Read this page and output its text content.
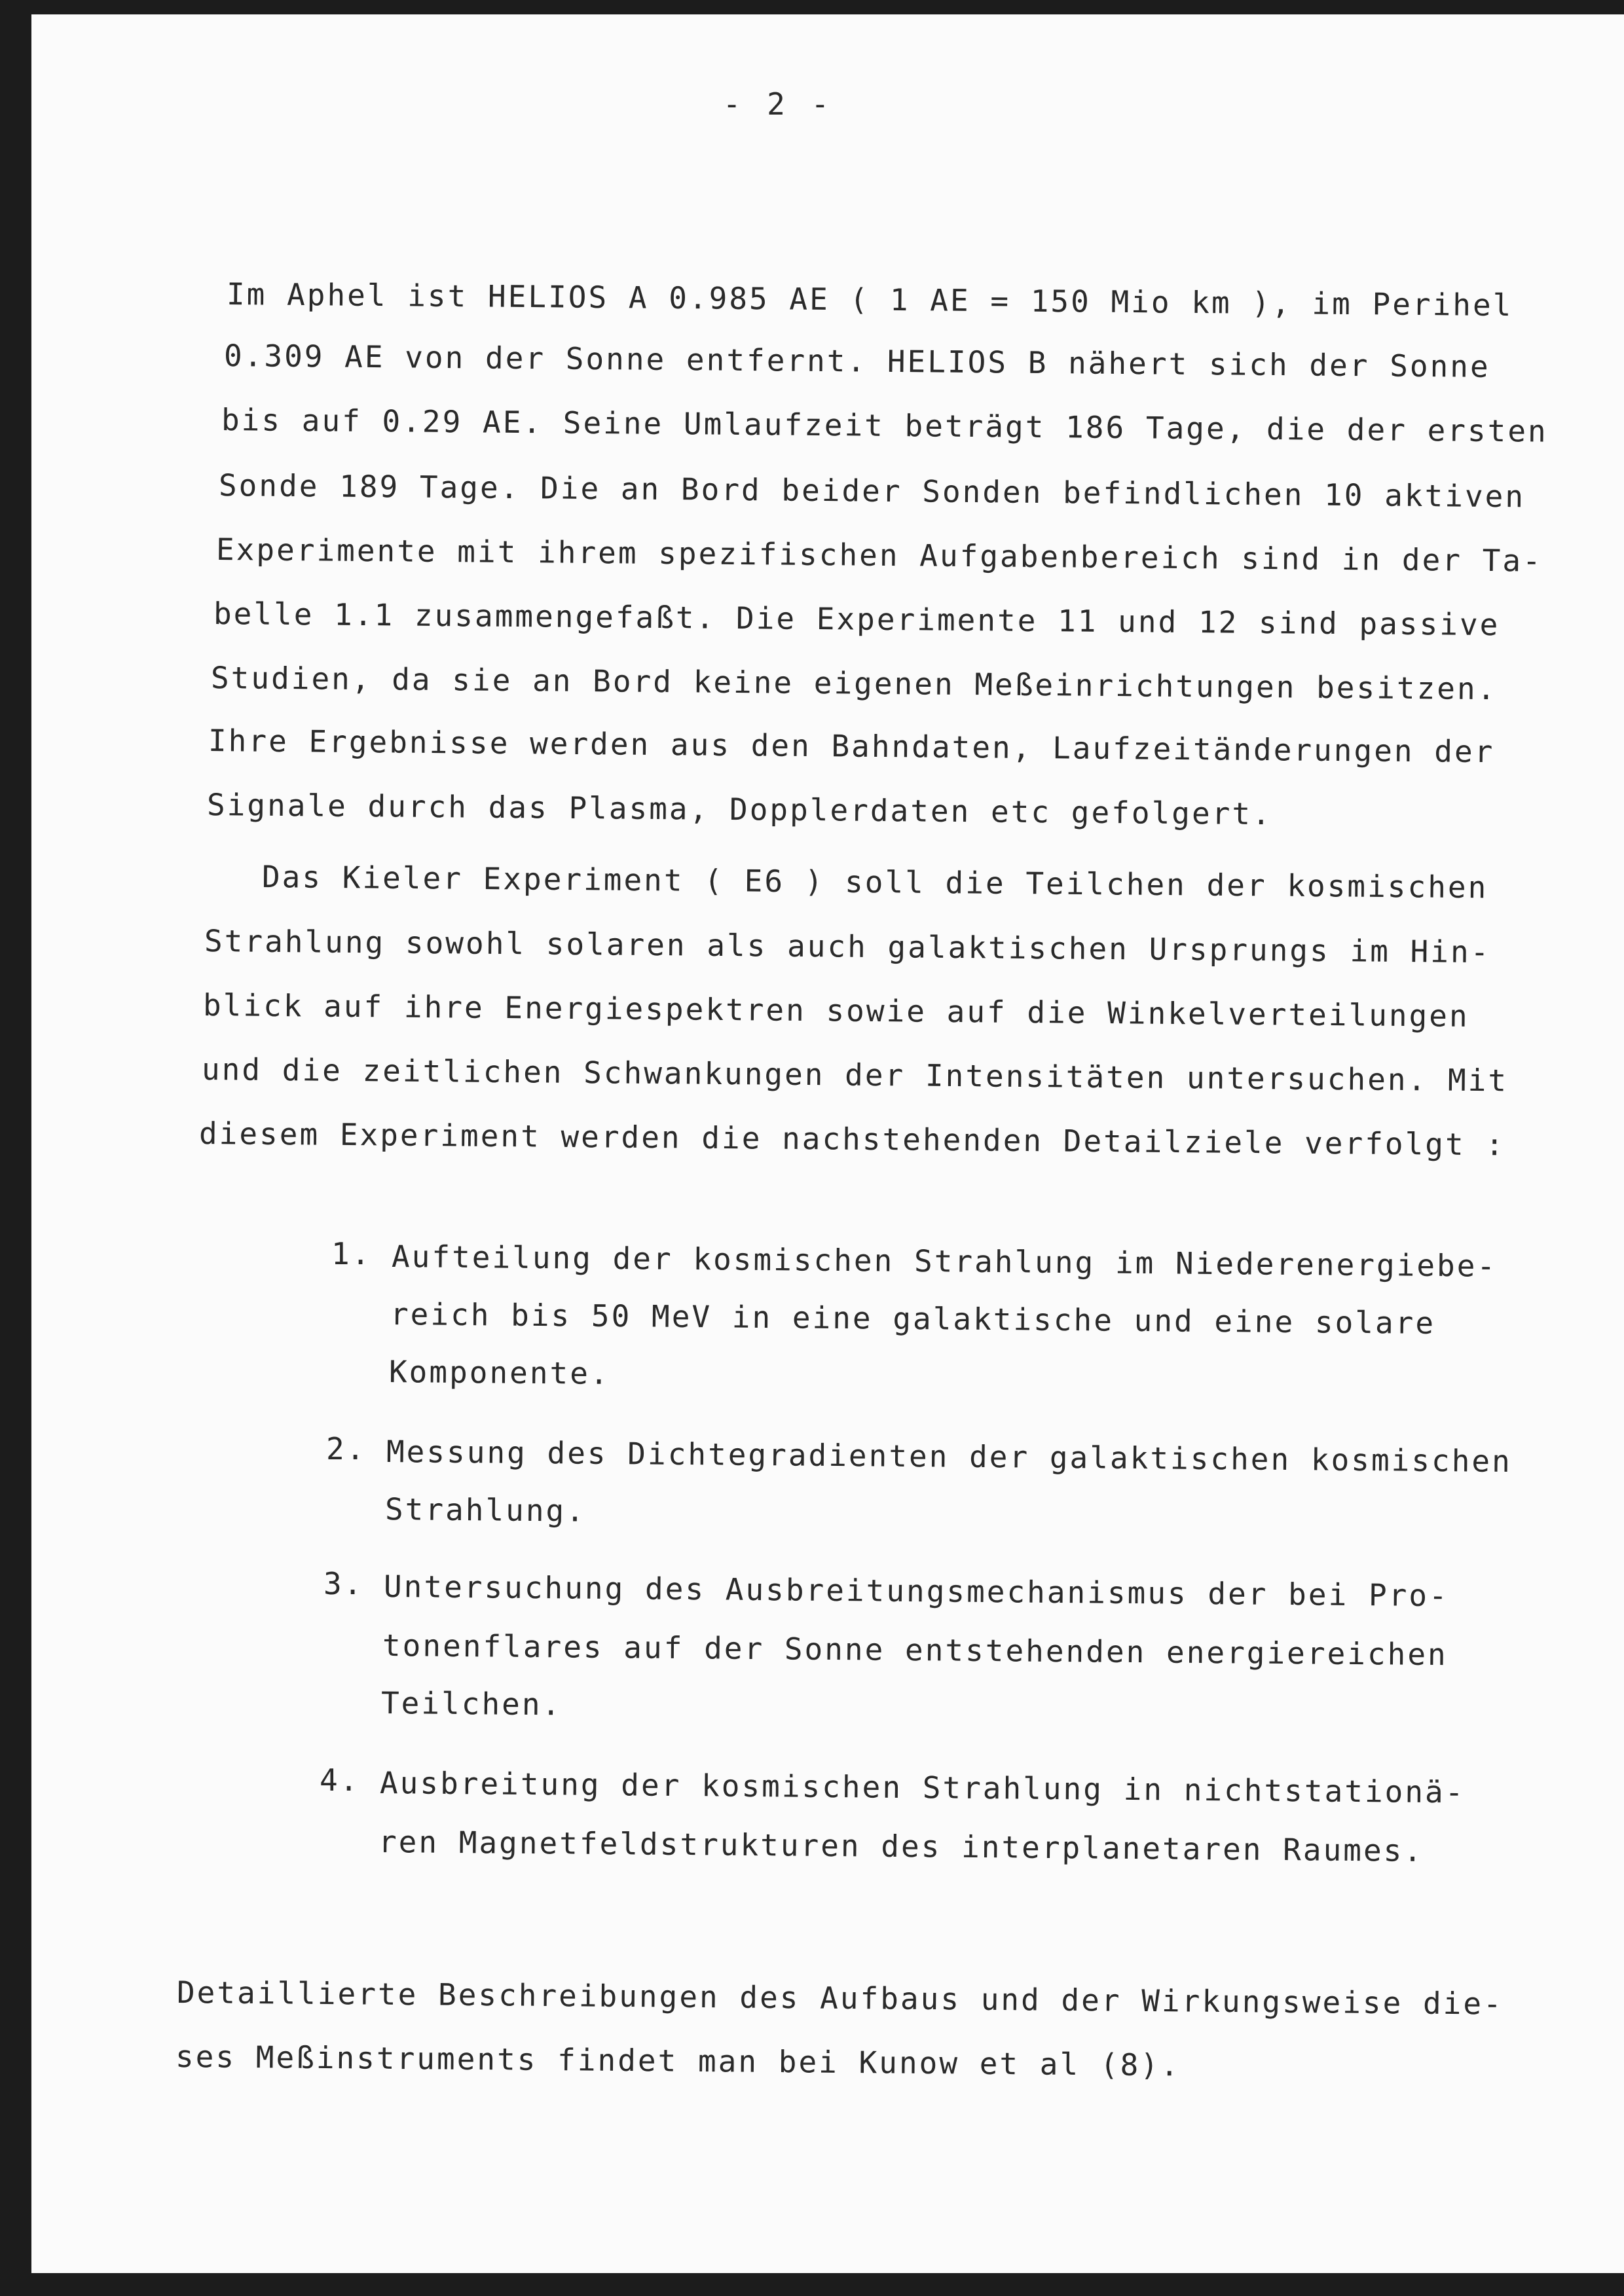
- 2 -
Im Aphel ist HELIOS A 0.985 AE ( 1 AE = 150 Mio km ), im Perihel
0.309 AE von der Sonne entfernt. HELIOS B nähert sich der Sonne
bis auf 0.29 AE. Seine Umlaufzeit beträgt 186 Tage, die der ersten
Sonde 189 Tage. Die an Bord beider Sonden befindlichen 10 aktiven
Experimente mit ihrem spezifischen Aufgabenbereich sind in der Ta-
belle 1.1 zusammengefaßt. Die Experimente 11 und 12 sind passive
Studien, da sie an Bord keine eigenen Meßeinrichtungen besitzen.
Ihre Ergebnisse werden aus den Bahndaten, Laufzeitänderungen der
Signale durch das Plasma, Dopplerdaten etc gefolgert.
Das Kieler Experiment ( E6 ) soll die Teilchen der kosmischen
Strahlung sowohl solaren als auch galaktischen Ursprungs im Hin-
blick auf ihre Energiespektren sowie auf die Winkelverteilungen
und die zeitlichen Schwankungen der Intensitäten untersuchen. Mit
diesem Experiment werden die nachstehenden Detailziele verfolgt :
1. Aufteilung der kosmischen Strahlung im Niederenergiebe-
reich bis 50 MeV in eine galaktische und eine solare
Komponente.
2. Messung des Dichtegradienten der galaktischen kosmischen
Strahlung.
3. Untersuchung des Ausbreitungsmechanismus der bei Pro-
tonenflares auf der Sonne entstehenden energiereichen
Teilchen.
4. Ausbreitung der kosmischen Strahlung in nichtstationä-
ren Magnetfeldstrukturen des interplanetaren Raumes.
Detaillierte Beschreibungen des Aufbaus und der Wirkungsweise die-
ses Meßinstruments findet man bei Kunow et al (8).
